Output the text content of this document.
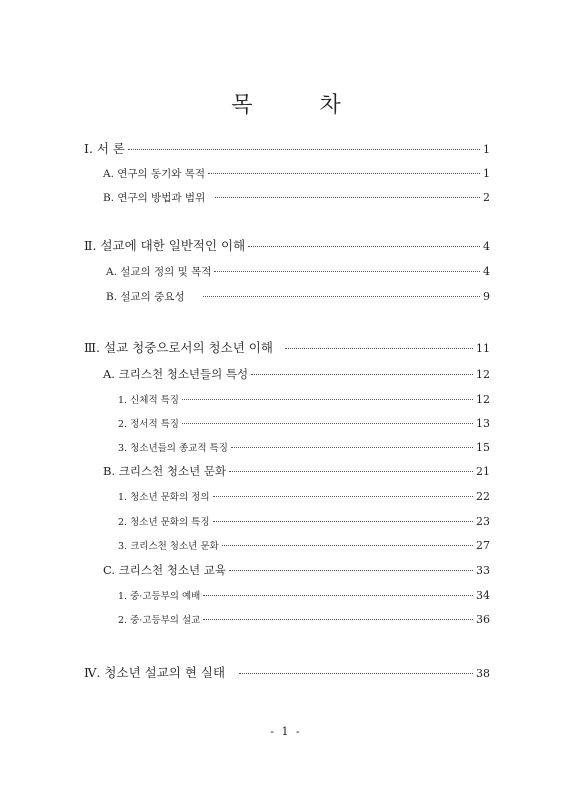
목 차
Ⅰ. 서 론	1
A. 연구의 동기와 목적	1
B. 연구의 방법과 범위	2
Ⅱ. 설교에 대한 일반적인 이해	4
A. 설교의 정의 및 목적	4
B. 설교의 중요성	9
Ⅲ. 설교 청중으로서의 청소년 이해	11
A. 크리스천 청소년들의 특성	12
1. 신체적 특징	12
2. 정서적 특징	13
3. 청소년들의 종교적 특징	15
B. 크리스천 청소년 문화	21
1. 청소년 문화의 정의	22
2. 청소년 문화의 특징	23
3. 크리스천 청소년 문화	27
C. 크리스천 청소년 교육	33
1. 중·고등부의 예배	34
2. 중·고등부의 설교	36
Ⅳ. 청소년 설교의 현 실태	38
- 1 -
